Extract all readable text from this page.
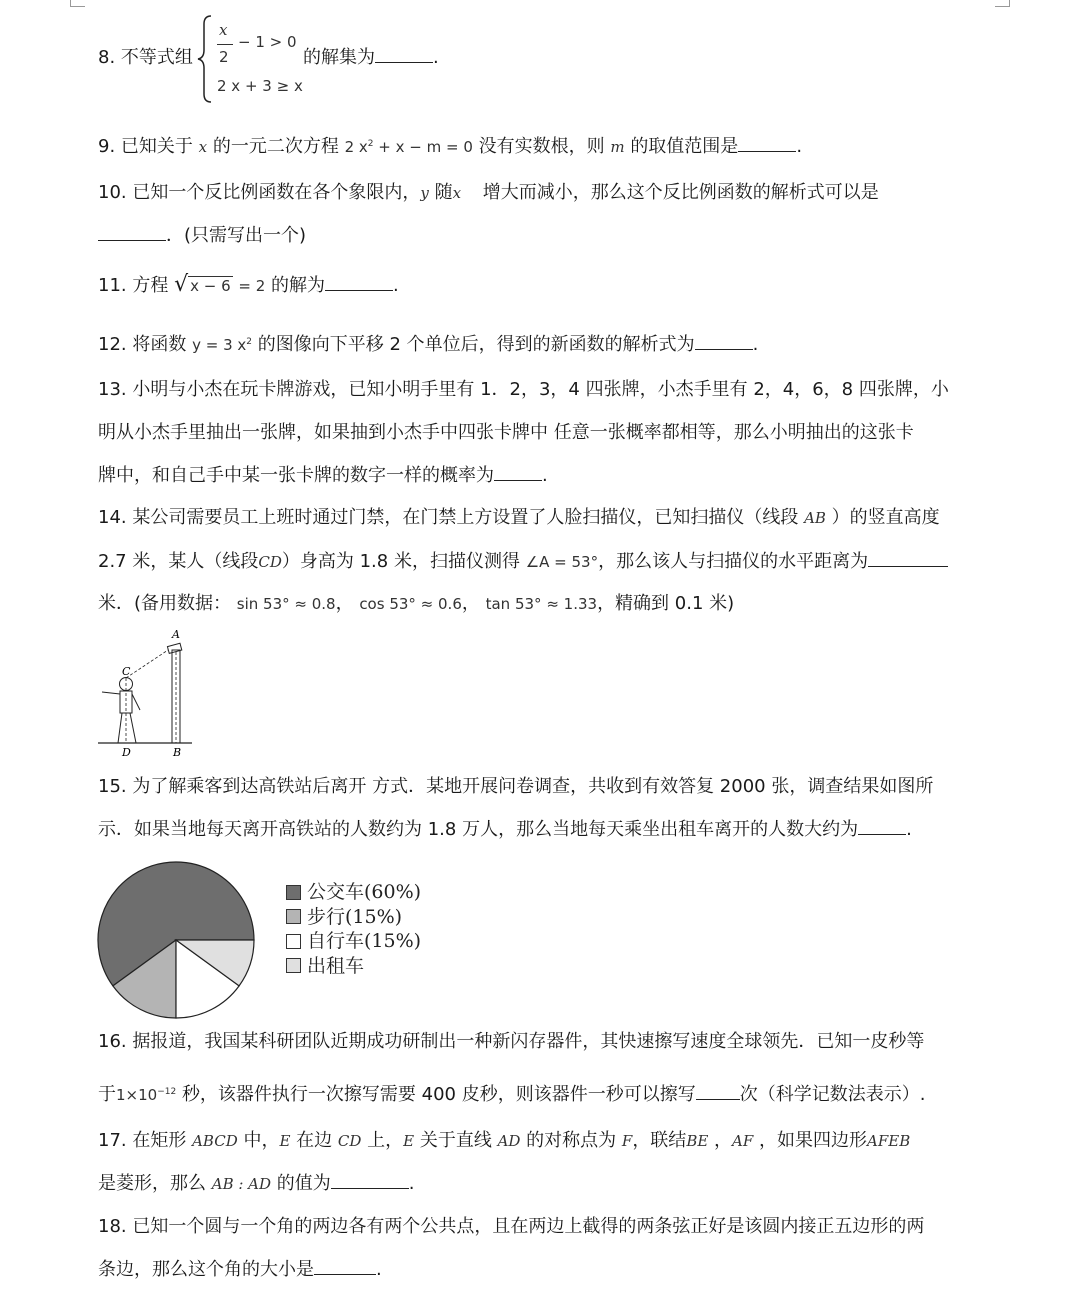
8. 不等式组
x
2
− 1 > 0
2 x + 3 ≥ x
的解集为	.
9. 已知关于 x 的一元二次方程 2 $x^2 + x - m = 0$ 没有实数根，则 m 的取值范围是	.
10. 已知一个反比例函数在各个象限内，y 随x 增大而减小，那么这个反比例函数的解析式可以是
．(只需写出一个)
11. 方程 √ x − 6 = 2 的解为	.
12. 将函数 y = 3 $x^2$ 的图像向下平移 2 个单位后，得到的新函数的解析式为	.
13. 小明与小杰在玩卡牌游戏，已知小明手里有 1．2，3，4 四张牌，小杰手里有 2，4，6，8 四张牌，小
明从小杰手里抽出一张牌，如果抽到小杰手中四张卡牌中 任意一张概率都相等，那么小明抽出的这张卡
牌中，和自己手中某一张卡牌的数字一样的概率为	.
14. 某公司需要员工上班时通过门禁，在门禁上方设置了人脸扫描仪，已知扫描仪（线段 AB ）的竖直高度
2.7 米，某人（线段CD）身高为 1.8 米，扫描仪测得 ∠A = 53°，那么该人与扫描仪的水平距离为
米．(备用数据： sin 53° ≈ 0.8， cos 53° ≈ 0.6， tan 53° ≈ 1.33，精确到 0.1 米)
A
B
C
D
15. 为了解乘客到达高铁站后离开 方式．某地开展问卷调查，共收到有效答复 2000 张，调查结果如图所
示．如果当地每天离开高铁站的人数约为 1.8 万人，那么当地每天乘坐出租车离开的人数大约为	.
公交车(60%)
步行(15%)
自行车(15%)
出租车
16. 据报道，我国某科研团队近期成功研制出一种新闪存器件，其快速擦写速度全球领先．已知一皮秒等
于$1\times 10^{-12}$ 秒，该器件执行一次擦写需要 400 皮秒，则该器件一秒可以擦写 次（科学记数法表示）.
17. 在矩形 ABCD 中，E 在边 CD 上，E 关于直线 AD 的对称点为 F，联结BE ，AF ，如果四边形AFEB
是菱形，那么 AB : AD 的值为	.
18. 已知一个圆与一个角的两边各有两个公共点，且在两边上截得的两条弦正好是该圆内接正五边形的两
条边，那么这个角的大小是	.
